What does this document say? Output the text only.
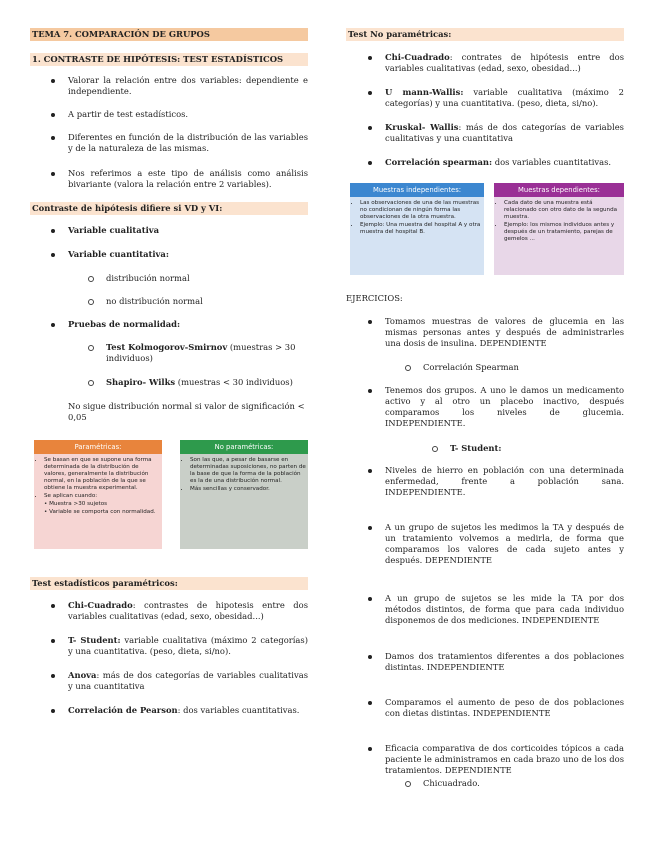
TEMA 7. COMPARACIÓN DE GRUPOS
1. CONTRASTE DE HIPÓTESIS: TEST ESTADÍSTICOS
Valorar la relación entre dos variables: dependiente e independiente.
A partir de test estadísticos.
Diferentes en función de la distribución de las variables y de la naturaleza de las mismas.
Nos referimos a este tipo de análisis como análisis bivariante (valora la relación entre 2 variables).
Contraste de hipótesis difiere si VD y VI:
Variable cualitativa
Variable cuantitativa:
distribución normal
no distribución normal
Pruebas de normalidad:
Test Kolmogorov-Smirnov (muestras > 30 individuos)
Shapiro- Wilks (muestras < 30 individuos)
No sigue distribución normal si valor de significación < 0,05
Paramétricas:
• Se basan en que se supone una forma determinada de la distribución de valores, generalmente la distribución normal, en la población de la que se obtiene la muestra experimental.
• Se aplican cuando:
• Muestra >30 sujetos
• Variable se comporta con normalidad.
No paramétricas:
• Son las que, a pesar de basarse en determinadas suposiciones, no parten de la base de que la forma de la población es la de una distribución normal.
• Más sencillas y conservador.
Test estadísticos paramétricos:
Chi-Cuadrado: contrastes de hipotesis entre dos variables cualitativas (edad, sexo, obesidad...)
T- Student: variable cualitativa (máximo 2 categorías) y una cuantitativa. (peso, dieta, si/no).
Anova: más de dos categorías de variables cualitativas y una cuantitativa
Correlación de Pearson: dos variables cuantitativas.
Test No paramétricas:
Chi-Cuadrado: contrates de hipótesis entre dos variables cualitativas (edad, sexo, obesidad...)
U mann-Wallis: variable cualitativa (máximo 2 categorías) y una cuantitativa. (peso, dieta, si/no).
Kruskal- Wallis: más de dos categorías de variables cualitativas y una cuantitativa
Correlación spearman: dos variables cuantitativas.
Muestras independientes:
• Las observaciones de una de las muestras no condicionan de ningún forma las observaciones de la otra muestra.
• Ejemplo: Una muestra del hospital A y otra muestra del hospital B.
Muestras dependientes:
• Cada dato de una muestra está relacionado con otro dato de la segunda muestra.
• Ejemplo: los mismos individuos antes y después de un tratamiento, parejas de gemelos ...
EJERCICIOS:
Tomamos muestras de valores de glucemia en las mismas personas antes y después de administrarles una dosis de insulina. DEPENDIENTE
Correlación Spearman
Tenemos dos grupos. A uno le damos un medicamento activo y al otro un placebo inactivo, después comparamos los niveles de glucemia. INDEPENDIENTE.
T- Student:
Niveles de hierro en población con una determinada enfermedad, frente a población sana. INDEPENDIENTE.
A un grupo de sujetos les medimos la TA y después de un tratamiento volvemos a medirla, de forma que comparamos los valores de cada sujeto antes y después. DEPENDIENTE
A un grupo de sujetos se les mide la TA por dos métodos distintos, de forma que para cada individuo disponemos de dos mediciones. INDEPENDIENTE
Damos dos tratamientos diferentes a dos poblaciones distintas. INDEPENDIENTE
Comparamos el aumento de peso de dos poblaciones con dietas distintas. INDEPENDIENTE
Eficacia comparativa de dos corticoides tópicos a cada paciente le administramos en cada brazo uno de los dos tratamientos. DEPENDIENTE
Chicuadrado.
